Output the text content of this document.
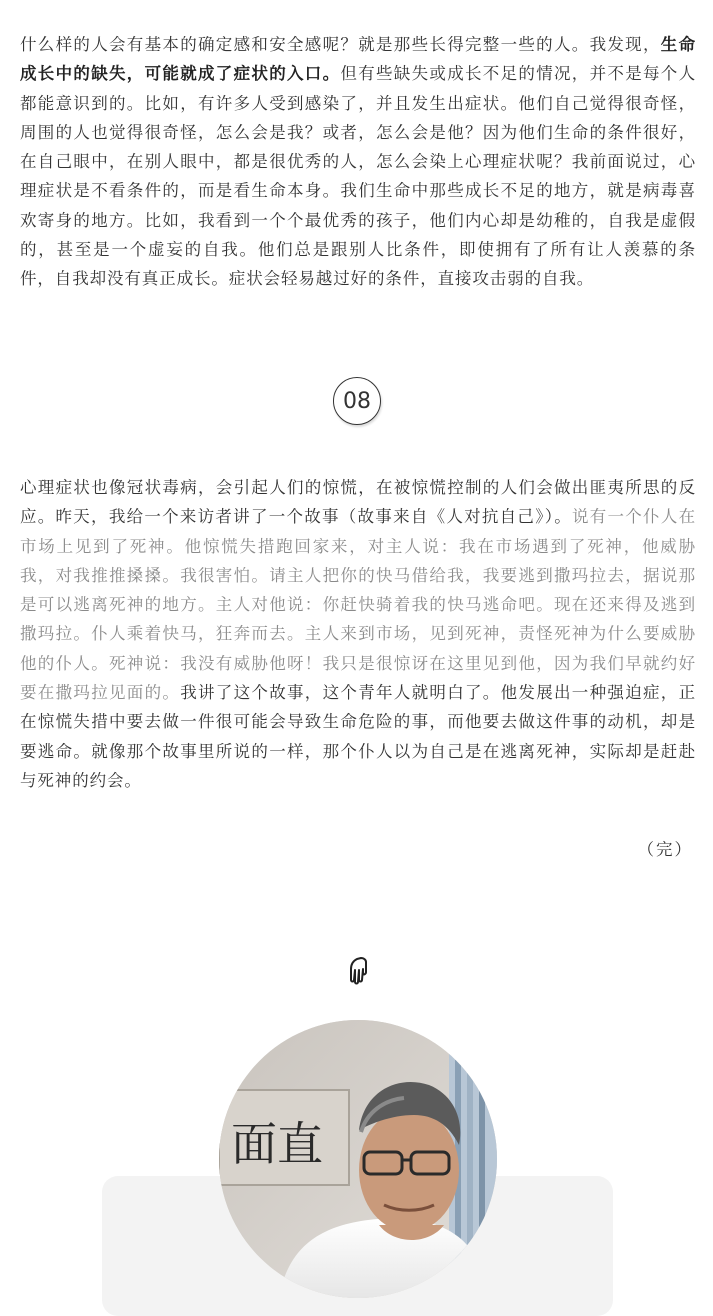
什么样的人会有基本的确定感和安全感呢？就是那些长得完整一些的人。我发现，生命成长中的缺失，可能就成了症状的入口。但有些缺失或成长不足的情况，并不是每个人都能意识到的。比如，有许多人受到感染了，并且发生出症状。他们自己觉得很奇怪，周围的人也觉得很奇怪，怎么会是我？或者，怎么会是他？因为他们生命的条件很好，在自己眼中，在别人眼中，都是很优秀的人，怎么会染上心理症状呢？我前面说过，心理症状是不看条件的，而是看生命本身。我们生命中那些成长不足的地方，就是病毒喜欢寄身的地方。比如，我看到一个个最优秀的孩子，他们内心却是幼稚的，自我是虚假的，甚至是一个虚妄的自我。他们总是跟别人比条件，即使拥有了所有让人羡慕的条件，自我却没有真正成长。症状会轻易越过好的条件，直接攻击弱的自我。

08

心理症状也像冠状毒病，会引起人们的惊慌，在被惊慌控制的人们会做出匪夷所思的反应。昨天，我给一个来访者讲了一个故事（故事来自《人对抗自己》）。说有一个仆人在市场上见到了死神。他惊慌失措跑回家来，对主人说：我在市场遇到了死神，他威胁我，对我推推搡搡。我很害怕。请主人把你的快马借给我，我要逃到撒玛拉去，据说那是可以逃离死神的地方。主人对他说：你赶快骑着我的快马逃命吧。现在还来得及逃到撒玛拉。仆人乘着快马，狂奔而去。主人来到市场，见到死神，责怪死神为什么要威胁他的仆人。死神说：我没有威胁他呀！我只是很惊讶在这里见到他，因为我们早就约好要在撒玛拉见面的。我讲了这个故事，这个青年人就明白了。他发展出一种强迫症，正在惊慌失措中要去做一件很可能会导致生命危险的事，而他要去做这件事的动机，却是要逃命。就像那个故事里所说的一样，那个仆人以为自己是在逃离死神，实际却是赶赴与死神的约会。

（完）
面直
